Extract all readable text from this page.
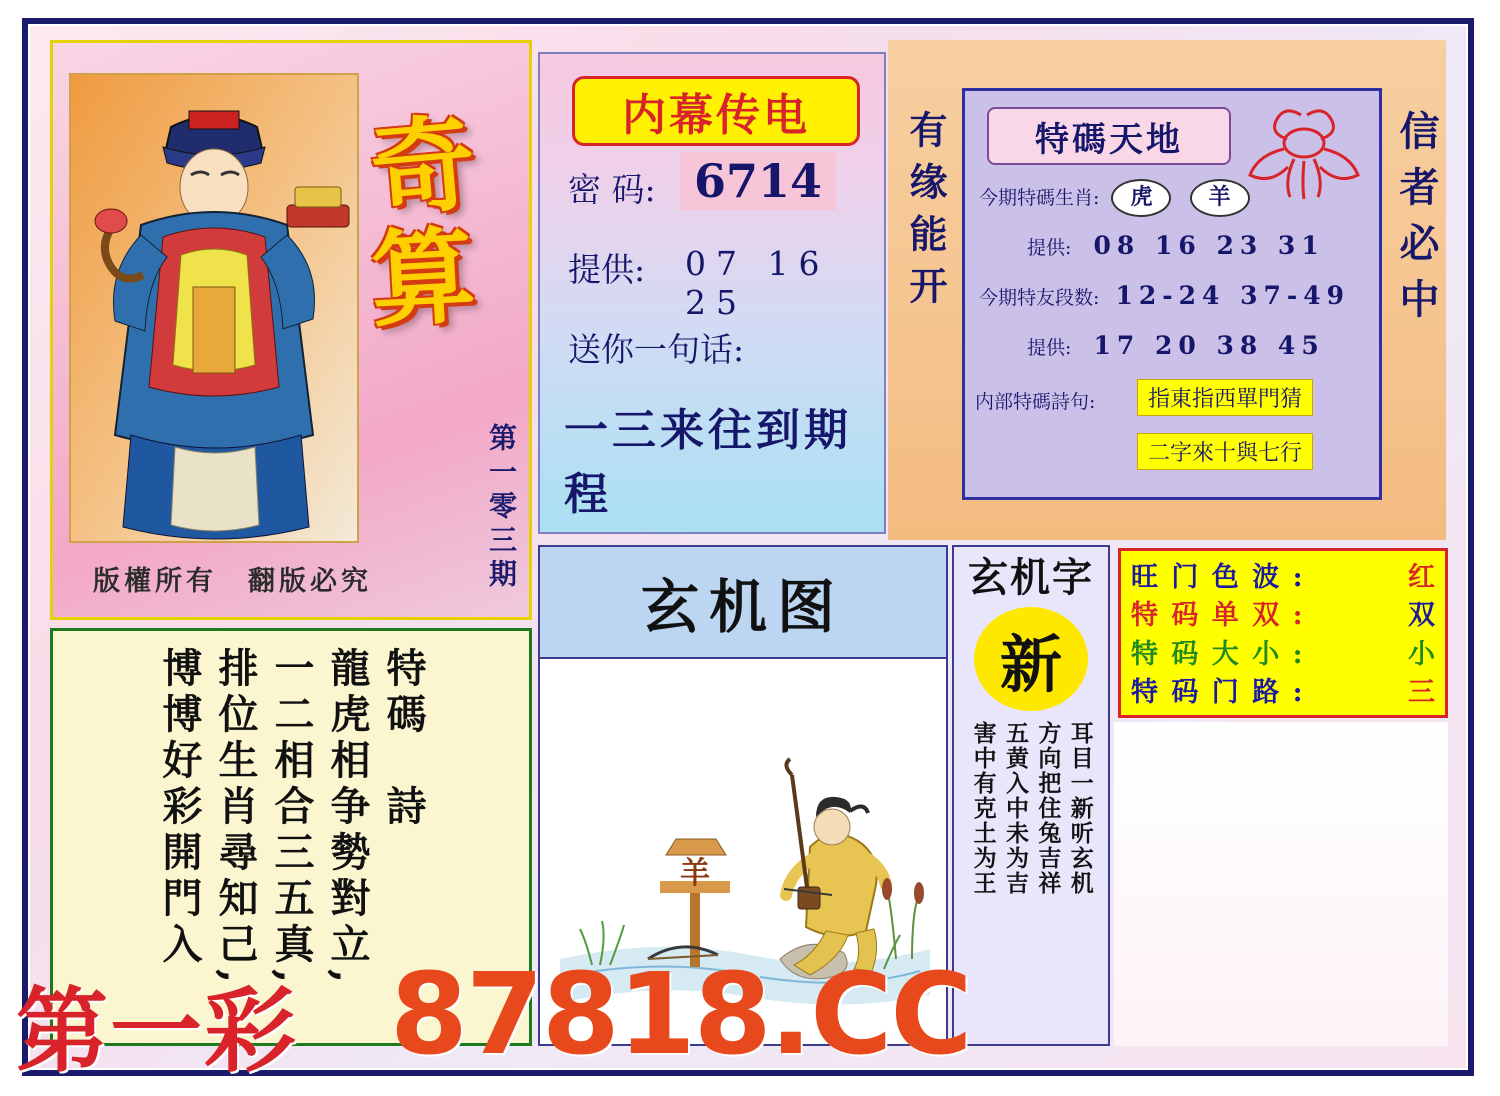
奇
算
第一零三期
版權所有　翻版必究
内幕传电
密 码: 6714
提供: 07 16 25
送你一句话:
一三来往到期程
有缘能开	信者必中
特碼天地
今期特碼生肖: 虎	羊
提供: 08 16 23 31
今期特友段数: 12-24 37-49
提供: 17 20 38 45
内部特碼詩句:	指東指西單門猜
二字來十與七行
特碼　詩
龍虎相争勢對立,
一二相合三五真,
排位生肖尋知己,
博博好彩開門入
玄机图
羊
玄机字
新
耳目一新听玄机
方向把住兔吉祥
五黄入中未为吉
害中有克土为王
旺 门 色 波 :	红
特 码 单 双 :	双
特 码 大 小 :	小
特 码 门 路 :	三
第一彩 87818.CC
